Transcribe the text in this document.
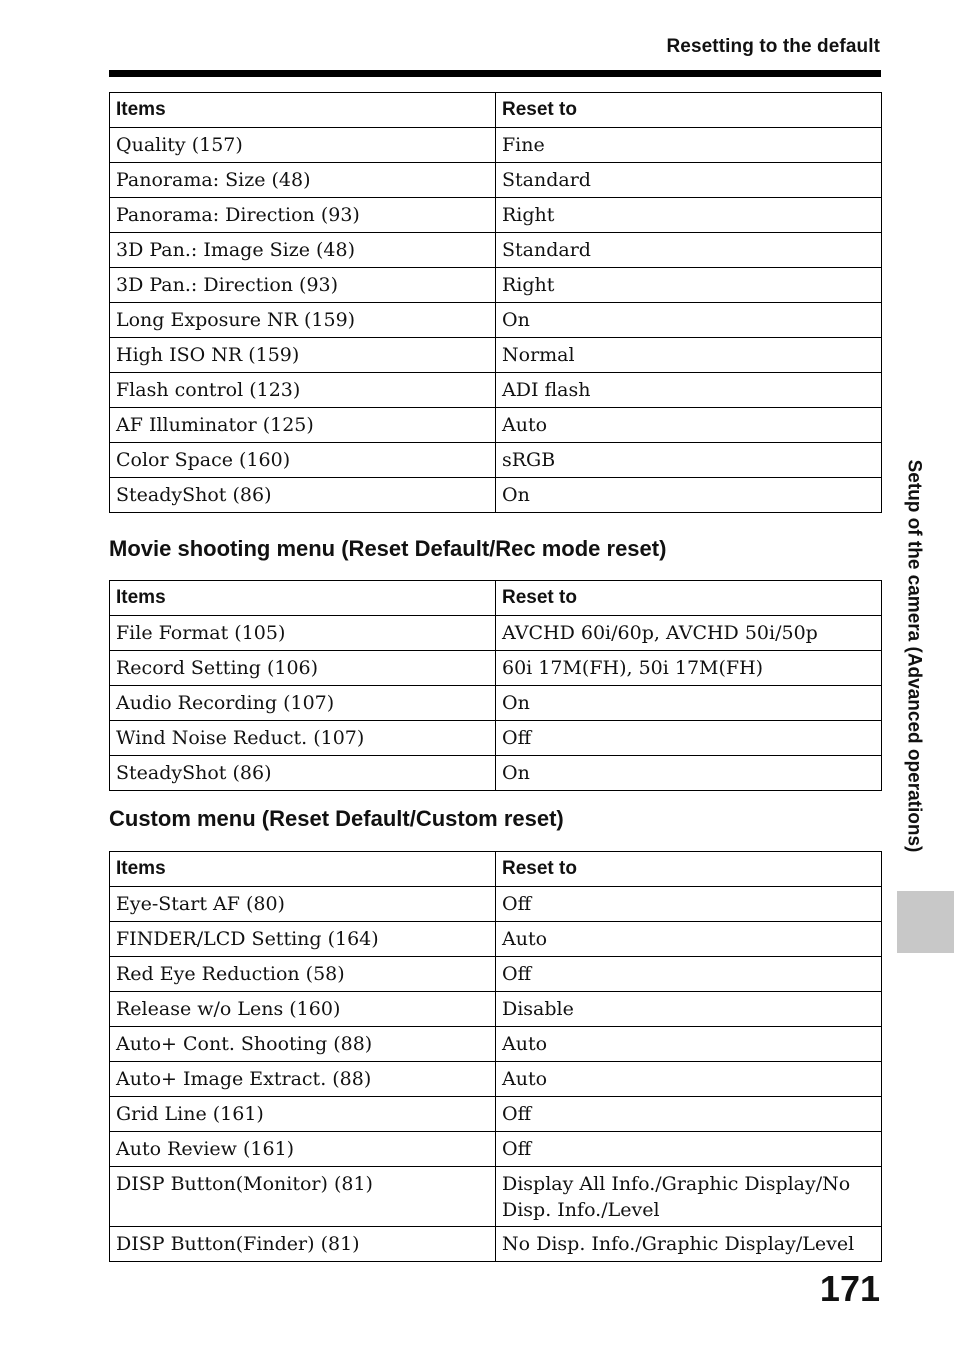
Resetting to the default
Items	Reset to
Quality (157)	Fine
Panorama: Size (48)	Standard
Panorama: Direction (93)	Right
3D Pan.: Image Size (48)	Standard
3D Pan.: Direction (93)	Right
Long Exposure NR (159)	On
High ISO NR (159)	Normal
Flash control (123)	ADI flash
AF Illuminator (125)	Auto
Color Space (160)	sRGB
SteadyShot (86)	On
Movie shooting menu (Reset Default/Rec mode reset)
Items	Reset to
File Format (105)	AVCHD 60i/60p, AVCHD 50i/50p
Record Setting (106)	60i 17M(FH), 50i 17M(FH)
Audio Recording (107)	On
Wind Noise Reduct. (107)	Off
SteadyShot (86)	On
Custom menu (Reset Default/Custom reset)
Items	Reset to
Eye-Start AF (80)	Off
FINDER/LCD Setting (164)	Auto
Red Eye Reduction (58)	Off
Release w/o Lens (160)	Disable
Auto+ Cont. Shooting (88)	Auto
Auto+ Image Extract. (88)	Auto
Grid Line (161)	Off
Auto Review (161)	Off
DISP Button(Monitor) (81)	Display All Info./Graphic Display/No Disp. Info./Level
DISP Button(Finder) (81)	No Disp. Info./Graphic Display/Level
Setup of the camera (Advanced operations)
171
